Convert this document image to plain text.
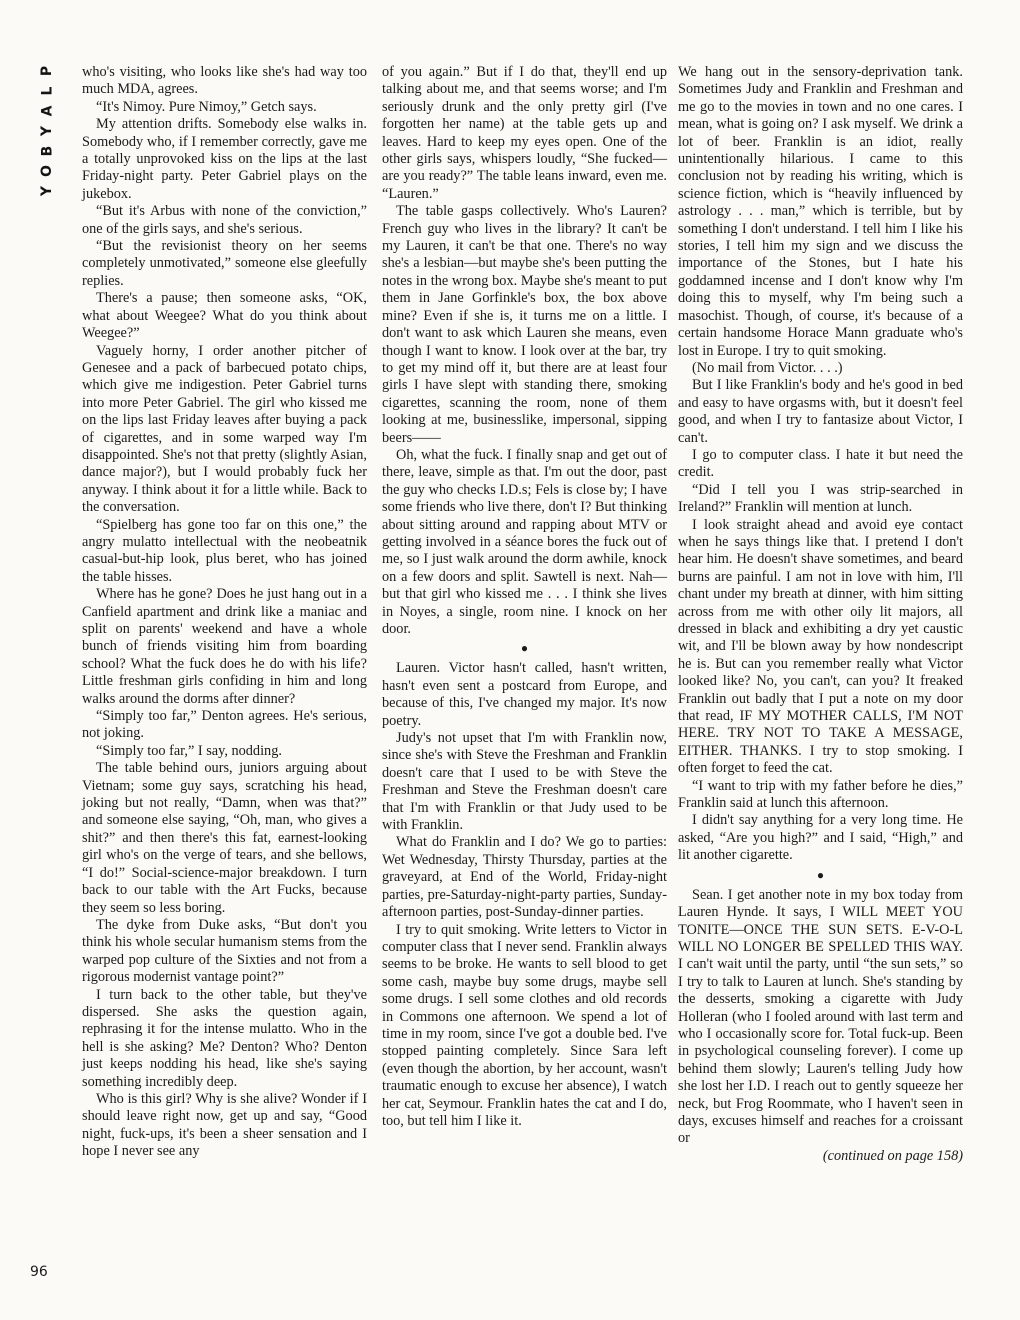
P
L
A
Y
B
O
Y
96

who's visiting, who looks like she's had way too much MDA, agrees.

“It's Nimoy. Pure Nimoy,” Getch says.

My attention drifts. Somebody else walks in. Somebody who, if I remember correctly, gave me a totally unprovoked kiss on the lips at the last Friday-night party. Peter Gabriel plays on the jukebox.

“But it's Arbus with none of the conviction,” one of the girls says, and she's serious.

“But the revisionist theory on her seems completely unmotivated,” someone else gleefully replies.

There's a pause; then someone asks, “OK, what about Weegee? What do you think about Weegee?”

Vaguely horny, I order another pitcher of Genesee and a pack of barbecued potato chips, which give me indigestion. Peter Gabriel turns into more Peter Gabriel. The girl who kissed me on the lips last Friday leaves after buying a pack of cigarettes, and in some warped way I'm disappointed. She's not that pretty (slightly Asian, dance major?), but I would probably fuck her anyway. I think about it for a little while. Back to the conversation.

“Spielberg has gone too far on this one,” the angry mulatto intellectual with the neobeatnik casual-but-hip look, plus beret, who has joined the table hisses.

Where has he gone? Does he just hang out in a Canfield apartment and drink like a maniac and split on parents' weekend and have a whole bunch of friends visiting him from boarding school? What the fuck does he do with his life? Little freshman girls confiding in him and long walks around the dorms after dinner?

“Simply too far,” Denton agrees. He's serious, not joking.

“Simply too far,” I say, nodding.

The table behind ours, juniors arguing about Vietnam; some guy says, scratching his head, joking but not really, “Damn, when was that?” and someone else saying, “Oh, man, who gives a shit?” and then there's this fat, earnest-looking girl who's on the verge of tears, and she bellows, “I do!” Social-science-major breakdown. I turn back to our table with the Art Fucks, because they seem so less boring.

The dyke from Duke asks, “But don't you think his whole secular humanism stems from the warped pop culture of the Sixties and not from a rigorous modernist vantage point?”

I turn back to the other table, but they've dispersed. She asks the question again, rephrasing it for the intense mulatto. Who in the hell is she asking? Me? Denton? Who? Denton just keeps nodding his head, like she's saying something incredibly deep.

Who is this girl? Why is she alive? Wonder if I should leave right now, get up and say, “Good night, fuck-ups, it's been a sheer sensation and I hope I never see any

of you again.” But if I do that, they'll end up talking about me, and that seems worse; and I'm seriously drunk and the only pretty girl (I've forgotten her name) at the table gets up and leaves. Hard to keep my eyes open. One of the other girls says, whispers loudly, “She fucked—are you ready?” The table leans inward, even me. “Lauren.”

The table gasps collectively. Who's Lauren? French guy who lives in the library? It can't be my Lauren, it can't be that one. There's no way she's a lesbian—but maybe she's been putting the notes in the wrong box. Maybe she's meant to put them in Jane Gorfinkle's box, the box above mine? Even if she is, it turns me on a little. I don't want to ask which Lauren she means, even though I want to know. I look over at the bar, try to get my mind off it, but there are at least four girls I have slept with standing there, smoking cigarettes, scanning the room, none of them looking at me, businesslike, impersonal, sipping beers——

Oh, what the fuck. I finally snap and get out of there, leave, simple as that. I'm out the door, past the guy who checks I.D.s; Fels is close by; I have some friends who live there, don't I? But thinking about sitting around and rapping about MTV or getting involved in a séance bores the fuck out of me, so I just walk around the dorm awhile, knock on a few doors and split. Sawtell is next. Nah—but that girl who kissed me . . . I think she lives in Noyes, a single, room nine. I knock on her door.

●

Lauren. Victor hasn't called, hasn't written, hasn't even sent a postcard from Europe, and because of this, I've changed my major. It's now poetry.

Judy's not upset that I'm with Franklin now, since she's with Steve the Freshman and Franklin doesn't care that I used to be with Steve the Freshman and Steve the Freshman doesn't care that I'm with Franklin or that Judy used to be with Franklin.

What do Franklin and I do? We go to parties: Wet Wednesday, Thirsty Thursday, parties at the graveyard, at End of the World, Friday-night parties, pre-Saturday-night-party parties, Sunday-afternoon parties, post-Sunday-dinner parties.

I try to quit smoking. Write letters to Victor in computer class that I never send. Franklin always seems to be broke. He wants to sell blood to get some cash, maybe buy some drugs, maybe sell some drugs. I sell some clothes and old records in Commons one afternoon. We spend a lot of time in my room, since I've got a double bed. I've stopped painting completely. Since Sara left (even though the abortion, by her account, wasn't traumatic enough to excuse her absence), I watch her cat, Seymour. Franklin hates the cat and I do, too, but tell him I like it.

We hang out in the sensory-deprivation tank. Sometimes Judy and Franklin and Freshman and me go to the movies in town and no one cares. I mean, what is going on? I ask myself. We drink a lot of beer. Franklin is an idiot, really unintentionally hilarious. I came to this conclusion not by reading his writing, which is science fiction, which is “heavily influenced by astrology . . . man,” which is terrible, but by something I don't understand. I tell him I like his stories, I tell him my sign and we discuss the importance of the Stones, but I hate his goddamned incense and I don't know why I'm doing this to myself, why I'm being such a masochist. Though, of course, it's because of a certain handsome Horace Mann graduate who's lost in Europe. I try to quit smoking.

(No mail from Victor. . . .)

But I like Franklin's body and he's good in bed and easy to have orgasms with, but it doesn't feel good, and when I try to fantasize about Victor, I can't.

I go to computer class. I hate it but need the credit.

“Did I tell you I was strip-searched in Ireland?” Franklin will mention at lunch.

I look straight ahead and avoid eye contact when he says things like that. I pretend I don't hear him. He doesn't shave sometimes, and beard burns are painful. I am not in love with him, I'll chant under my breath at dinner, with him sitting across from me with other oily lit majors, all dressed in black and exhibiting a dry yet caustic wit, and I'll be blown away by how nondescript he is. But can you remember really what Victor looked like? No, you can't, can you? It freaked Franklin out badly that I put a note on my door that read, IF MY MOTHER CALLS, I'M NOT HERE. TRY NOT TO TAKE A MESSAGE, EITHER. THANKS. I try to stop smoking. I often forget to feed the cat.

“I want to trip with my father before he dies,” Franklin said at lunch this afternoon.

I didn't say anything for a very long time. He asked, “Are you high?” and I said, “High,” and lit another cigarette.

●

Sean. I get another note in my box today from Lauren Hynde. It says, I WILL MEET YOU TONITE—ONCE THE SUN SETS. E-V-O-L WILL NO LONGER BE SPELLED THIS WAY. I can't wait until the party, until “the sun sets,” so I try to talk to Lauren at lunch. She's standing by the desserts, smoking a cigarette with Judy Holleran (who I fooled around with last term and who I occasionally score for. Total fuck-up. Been in psychological counseling forever). I come up behind them slowly; Lauren's telling Judy how she lost her I.D. I reach out to gently squeeze her neck, but Frog Roommate, who I haven't seen in days, excuses himself and reaches for a croissant or

(continued on page 158)
